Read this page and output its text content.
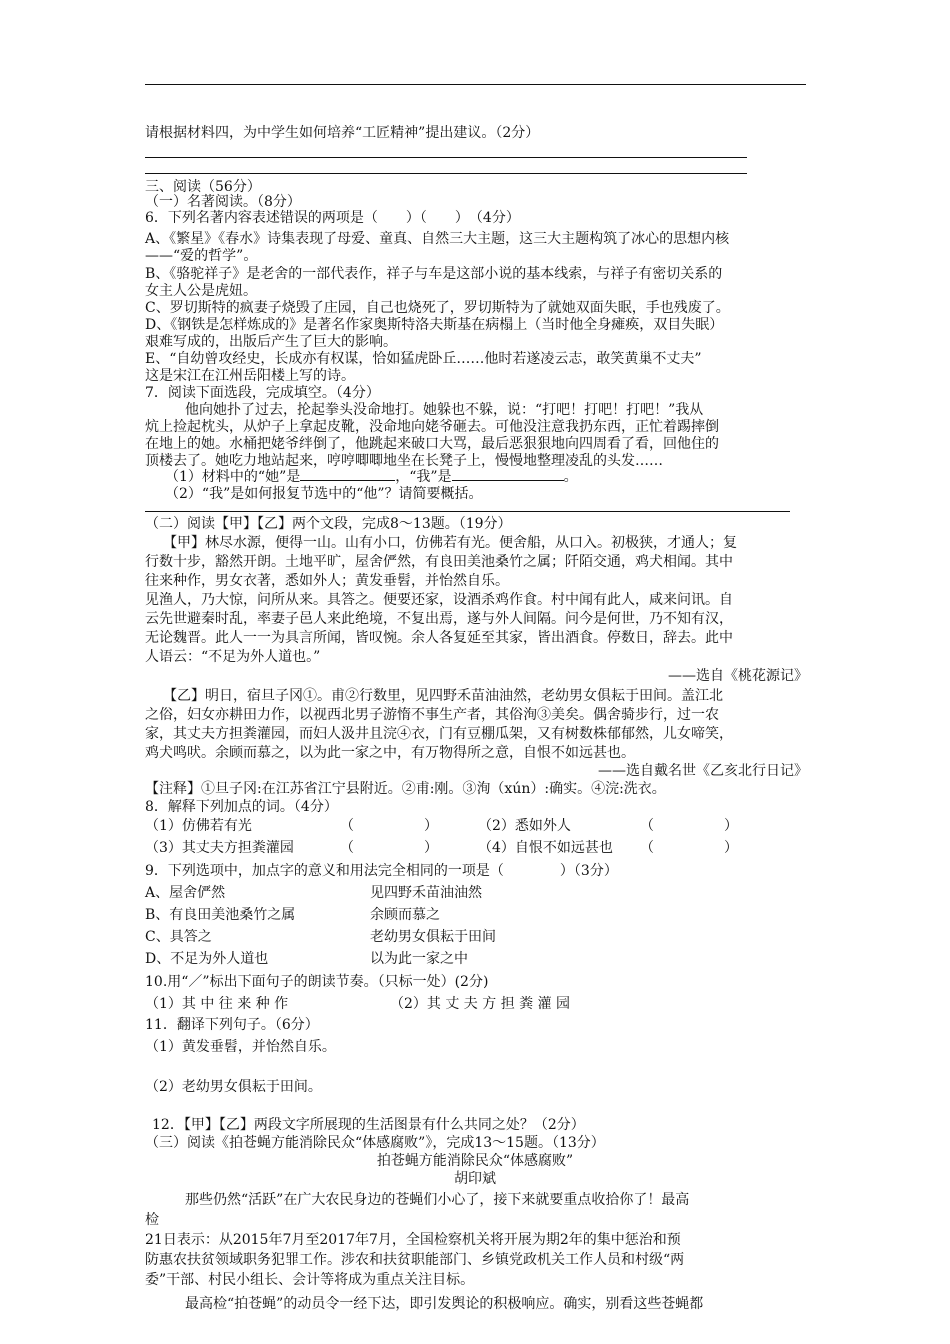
请根据材料四，为中学生如何培养“工匠精神”提出建议。（2分）
三、阅读（56分）
（一）名著阅读。（8分）
6．下列名著内容表述错误的两项是（　　）（　　）　（4分）
A、《繁星》《春水》诗集表现了母爱、童真、自然三大主题，这三大主题构筑了冰心的思想内核
——“爱的哲学”。
B、《骆驼祥子》是老舍的一部代表作，祥子与车是这部小说的基本线索，与祥子有密切关系的
女主人公是虎妞。
C、罗切斯特的疯妻子烧毁了庄园，自己也烧死了，罗切斯特为了就她双面失眠，手也残废了。
D、《钢铁是怎样炼成的》是著名作家奥斯特洛夫斯基在病榻上（当时他全身瘫痪，双目失眠）
艰难写成的，出版后产生了巨大的影响。
E、“自幼曾攻经史，长成亦有权谋，恰如猛虎卧丘……他时若遂凌云志，敢笑黄巢不丈夫”
这是宋江在江州岳阳楼上写的诗。
7．阅读下面选段，完成填空。（4分）
他向她扑了过去，抡起拳头没命地打。她躲也不躲，说：“打吧！打吧！打吧！”我从
炕上捡起枕头，从炉子上拿起皮靴，没命地向姥爷砸去。可他没注意我扔东西，正忙着踢摔倒
在地上的她。水桶把姥爷绊倒了，他跳起来破口大骂，最后恶狠狠地向四周看了看，回他住的
顶楼去了。她吃力地站起来，哼哼唧唧地坐在长凳子上，慢慢地整理凌乱的头发……
（1）材料中的“她”是	，“我”是	。
（2）“我”是如何报复节选中的“他”？请简要概括。
（二）阅读【甲】【乙】两个文段，完成8～13题。（19分）
【甲】林尽水源，便得一山。山有小口，仿佛若有光。便舍船，从口入。初极狭，才通人；复
行数十步，豁然开朗。土地平旷，屋舍俨然，有良田美池桑竹之属；阡陌交通，鸡犬相闻。其中
往来种作，男女衣著，悉如外人；黄发垂髫，并怡然自乐。
见渔人，乃大惊，问所从来。具答之。便要还家，设酒杀鸡作食。村中闻有此人，咸来问讯。自
云先世避秦时乱，率妻子邑人来此绝境，不复出焉，遂与外人间隔。问今是何世，乃不知有汉，
无论魏晋。此人一一为具言所闻，皆叹惋。余人各复延至其家，皆出酒食。停数日，辞去。此中
人语云：“不足为外人道也。”
——选自《桃花源记》
【乙】明日，宿旦子冈①。甫②行数里，见四野禾苗油油然，老幼男女俱耘于田间。盖江北
之俗，妇女亦耕田力作，以视西北男子游惰不事生产者，其俗洵③美矣。偶舍骑步行，过一农
家，其丈夫方担粪灌园，而妇人汲井且浣④衣，门有豆棚瓜架，又有树数株郁郁然，儿女啼笑，
鸡犬鸣吠。余顾而慕之，以为此一家之中，有万物得所之意，自恨不如远甚也。
——选自戴名世《乙亥北行日记》
【注释】①旦子冈:在江苏省江宁县附近。②甫:刚。③洵（xún）:确实。④浣:洗衣。
8．解释下列加点的词。（4分）
（1）仿佛若有光	（　　　　　）	（2）悉如外人	（　　　　　）
（3）其丈夫方担粪灌园	（　　　　　）	（4）自恨不如远甚也 （　　　　　）
9．下列选项中，加点字的意义和用法完全相同的一项是（　　　　）（3分）
A、屋舍俨然	见四野禾苗油油然
B、有良田美池桑竹之属	余顾而慕之
C、具答之	老幼男女俱耘于田间
D、不足为外人道也	以为此一家之中
10.用“／”标出下面句子的朗读节奏。（只标一处）(2分)
（1）其 中 往 来 种 作	（2）其 丈 夫 方 担 粪 灌 园
11．翻译下列句子。（6分）
（1）黄发垂髫，并怡然自乐。
（2）老幼男女俱耘于田间。
12．【甲】【乙】两段文字所展现的生活图景有什么共同之处？（2分）
（三）阅读《拍苍蝇方能消除民众“体感腐败”》，完成13～15题。（13分）
拍苍蝇方能消除民众“体感腐败”
胡印斌
那些仍然“活跃”在广大农民身边的苍蝇们小心了，接下来就要重点收拾你了！最高
检
21日表示：从2015年7月至2017年7月，全国检察机关将开展为期2年的集中惩治和预
防惠农扶贫领域职务犯罪工作。涉农和扶贫职能部门、乡镇党政机关工作人员和村级“两
委”干部、村民小组长、会计等将成为重点关注目标。
最高检“拍苍蝇”的动员令一经下达，即引发舆论的积极响应。确实，别看这些苍蝇都
